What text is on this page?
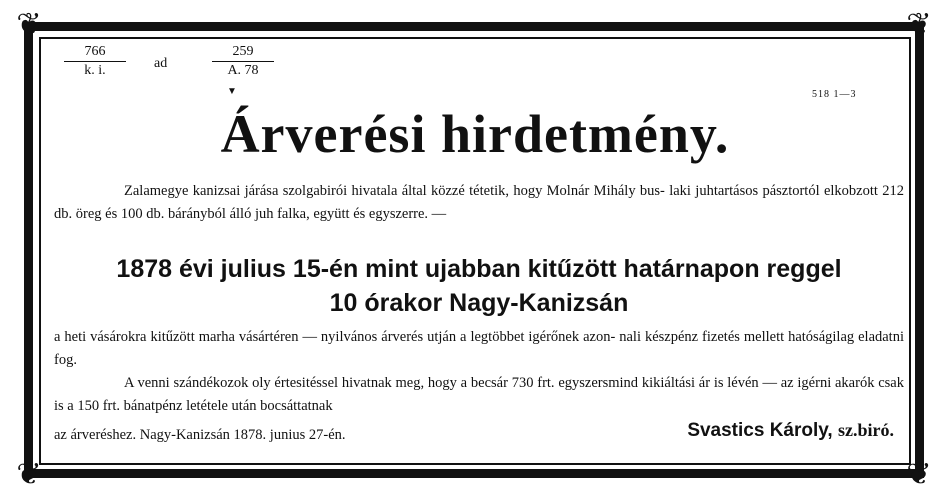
❦	❦
❦	❦
$\frac{766}{k. i.}$ ad	$\frac{259}{A. 78}$
▼	518 1—3
Árverési hirdetmény.
Zalamegye kanizsai járása szolgabirói hivatala által közzé tétetik, hogy Molnár Mihály bus- laki juhtartásos pásztortól elkobzott 212 db. öreg és 100 db. bárányból álló juh falka, együtt és egyszerre. —
1878 évi julius 15-én mint ujabban kitűzött határnapon reggel
10 órakor Nagy-Kanizsán
a heti vásárokra kitűzött marha vásártéren — nyilvános árverés utján a legtöbbet igérőnek azon- nali készpénz fizetés mellett hatóságilag eladatni fog.
A venni szándékozok oly értesitéssel hivatnak meg, hogy a becsár 730 frt. egyszersmind kikiáltási ár is lévén — az igérni akarók csak is a 150 frt. bánatpénz letétele után bocsáttatnak
az árveréshez. Nagy-Kanizsán 1878. junius 27-én.	Svastics Károly, sz.biró.
